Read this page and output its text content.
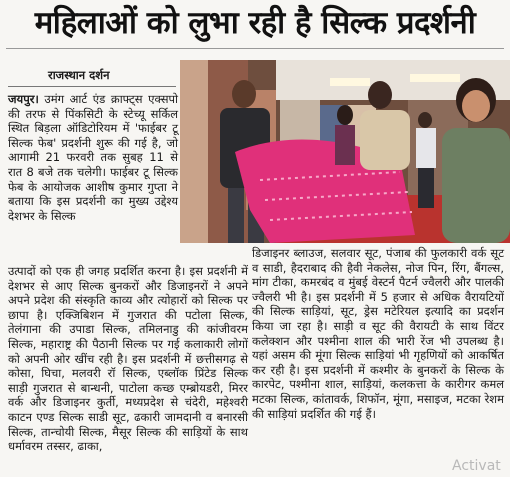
महिलाओं को लुभा रही है सिल्क प्रदर्शनी
राजस्थान दर्शन

जयपुर। उमंग आर्ट एंड क्राफ्ट्स एक्सपो की तरफ से पिंकसिटी के स्टेच्यू सर्किल स्थित बिड़ला ऑडिटोरियम में 'फाईबर टू सिल्क फेब' प्रदर्शनी शुरू की गई है, जो आगामी 21 फरवरी तक सुबह 11 से रात 8 बजे तक चलेगी। फाईबर टू सिल्क फेब के आयोजक आशीष कुमार गुप्ता ने बताया कि इस प्रदर्शनी का मुख्य उद्देश्य देशभर के सिल्क

उत्पादों को एक ही जगह प्रदर्शित करना है। इस प्रदर्शनी में देशभर से आए सिल्क बुनकरों और डिजाइनरों ने अपने अपने प्रदेश की संस्कृति काव्य और त्योहारों को सिल्क पर छापा है। एक्जिबिशन में गुजरात की पटोला सिल्क, तेलंगाना की उपाडा सिल्क, तमिलनाडु की कांजीवरम सिल्क, महाराष्ट्र की पैठानी सिल्क पर गई कलाकारी लोगों को अपनी ओर खींच रही है। इस प्रदर्शनी में छत्तीसगढ़ से कोसा, घिचा, मलवरी रॉ सिल्क, एब्लॉक प्रिंटेड सिल्क साड़ी गुजरात से बान्धनी, पाटोला कच्छ एम्ब्रोयडरी, मिरर वर्क और डिजाइनर कुर्ती, मध्यप्रदेश से चंदेरी, महेश्वरी काटन एण्ड सिल्क साडी सूट, ढकारी जामदानी व बनारसी सिल्क, तान्चोयी सिल्क, मैसूर सिल्क की साड़ियों के साथ धर्मावरम तस्सर, ढाका,

डिजाइनर ब्लाउज, सलवार सूट, पंजाब की फुलकारी वर्क सूट व साडी, हैदराबाद की हैवी नेकलेस, नोज पिन, रिंग, बैंगल्स, मांग टीका, कमरबंद व मुंबई वेस्टर्न पैटर्न ज्वैलरी और पालकी ज्वैलरी भी है। इस प्रदर्शनी में 5 हजार से अधिक वैरायटियों की सिल्क साड़ियां, सूट, ड्रेस मटेरियल इत्यादि का प्रदर्शन किया जा रहा है। साड़ी व सूट की वैरायटी के साथ विंटर कलेक्शन और पश्मीना शाल की भारी रेंज भी उपलब्ध है। यहां असम की मूंगा सिल्क साड़ियां भी गृहणियों को आकर्षित कर रही है। इस प्रदर्शनी में कश्मीर के बुनकरों के सिल्क के कारपेट, पश्मीना शाल, साड़ियां, कलकत्ता के कारीगर कमल मटका सिल्क, कांतावर्क, शिफॉन, मूंगा, मसाइज, मटका रेशम की साड़ियां प्रदर्शित की गई हैं।

Activat
